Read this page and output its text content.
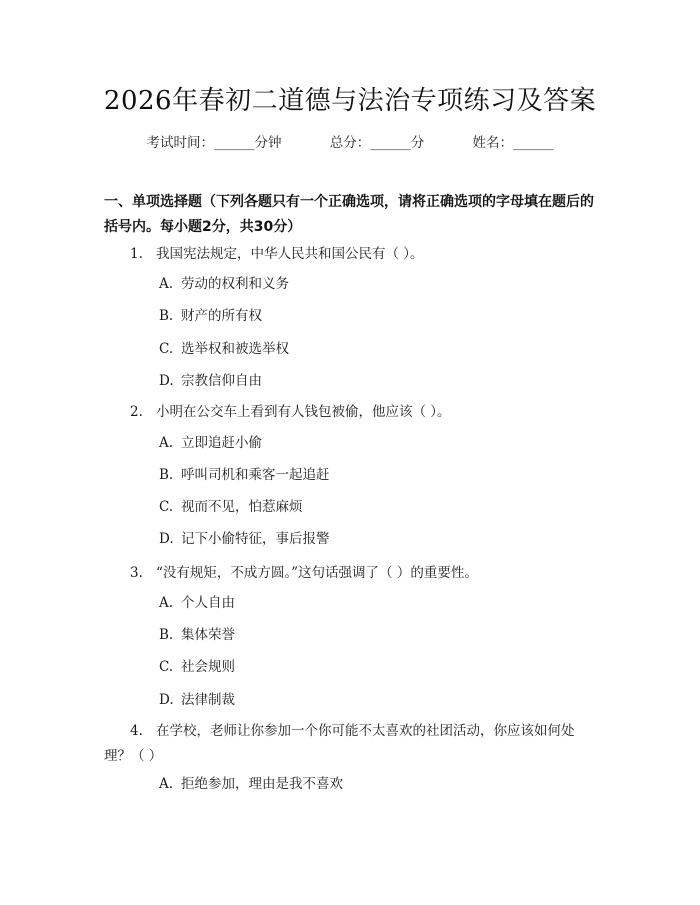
2026年春初二道德与法治专项练习及答案
考试时间：______分钟	总分：______分	姓名：______
一、单项选择题（下列各题只有一个正确选项，请将正确选项的字母填在题后的括号内。每小题2分，共30分）
1. 我国宪法规定，中华人民共和国公民有（ ）。
A. 劳动的权利和义务
B. 财产的所有权
C. 选举权和被选举权
D. 宗教信仰自由
2. 小明在公交车上看到有人钱包被偷，他应该（ ）。
A. 立即追赶小偷
B. 呼叫司机和乘客一起追赶
C. 视而不见，怕惹麻烦
D. 记下小偷特征，事后报警
3. “没有规矩，不成方圆。”这句话强调了（ ）的重要性。
A. 个人自由
B. 集体荣誉
C. 社会规则
D. 法律制裁
4. 在学校，老师让你参加一个你可能不太喜欢的社团活动，你应该如何处理？（ ）
A. 拒绝参加，理由是我不喜欢
